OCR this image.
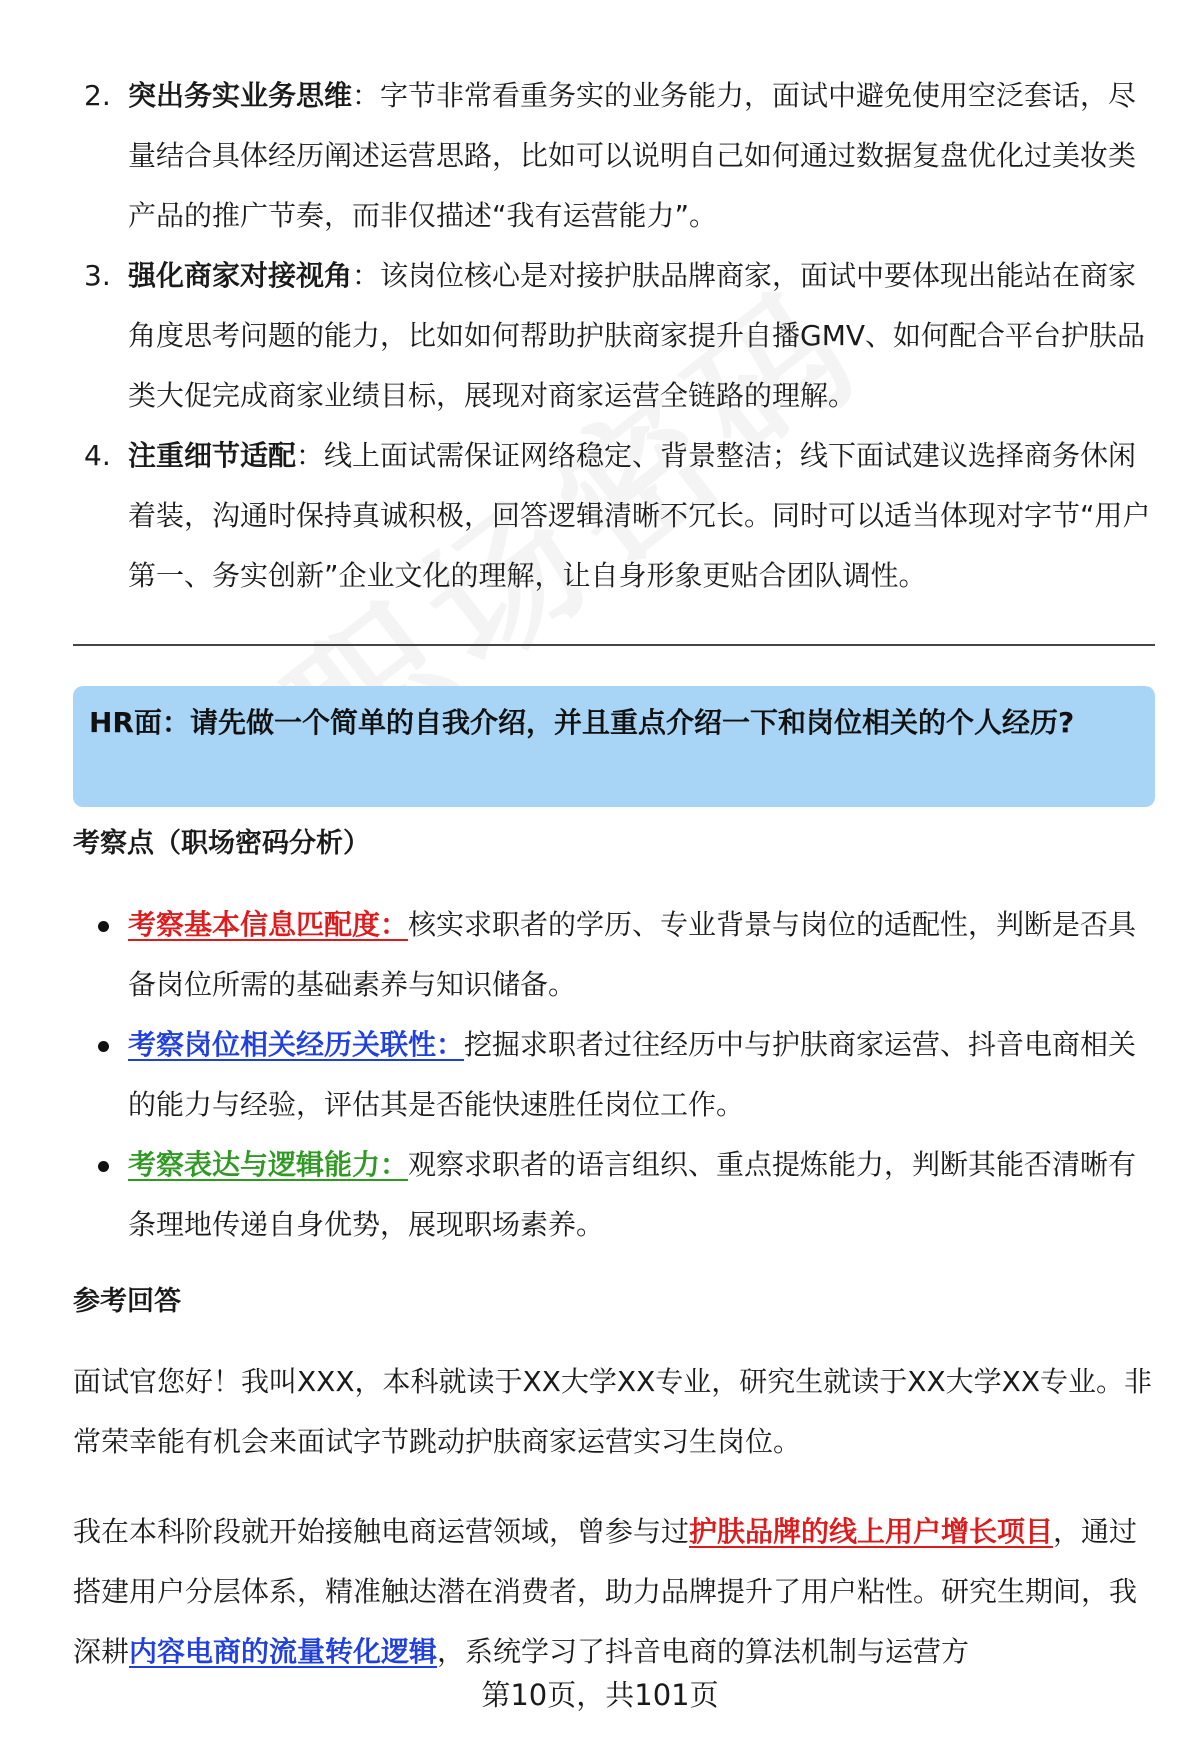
2. 突出务实业务思维：字节非常看重务实的业务能力，面试中避免使用空泛套话，尽量结合具体经历阐述运营思路，比如可以说明自己如何通过数据复盘优化过美妆类产品的推广节奏，而非仅描述“我有运营能力”。
3. 强化商家对接视角：该岗位核心是对接护肤品牌商家，面试中要体现出能站在商家角度思考问题的能力，比如如何帮助护肤商家提升自播GMV、如何配合平台护肤品类大促完成商家业绩目标，展现对商家运营全链路的理解。
4. 注重细节适配：线上面试需保证网络稳定、背景整洁；线下面试建议选择商务休闲着装，沟通时保持真诚积极，回答逻辑清晰不冗长。同时可以适当体现对字节“用户第一、务实创新”企业文化的理解，让自身形象更贴合团队调性。
HR面：请先做一个简单的自我介绍，并且重点介绍一下和岗位相关的个人经历?
考察点（职场密码分析）
考察基本信息匹配度：核实求职者的学历、专业背景与岗位的适配性，判断是否具备岗位所需的基础素养与知识储备。
考察岗位相关经历关联性：挖掘求职者过往经历中与护肤商家运营、抖音电商相关的能力与经验，评估其是否能快速胜任岗位工作。
考察表达与逻辑能力：观察求职者的语言组织、重点提炼能力，判断其能否清晰有条理地传递自身优势，展现职场素养。
参考回答
面试官您好！我叫XXX，本科就读于XX大学XX专业，研究生就读于XX大学XX专业。非常荣幸能有机会来面试字节跳动护肤商家运营实习生岗位。
我在本科阶段就开始接触电商运营领域，曾参与过护肤品牌的线上用户增长项目，通过搭建用户分层体系，精准触达潜在消费者，助力品牌提升了用户粘性。研究生期间，我深耕内容电商的流量转化逻辑，系统学习了抖音电商的算法机制与运营方
第10页，共101页
